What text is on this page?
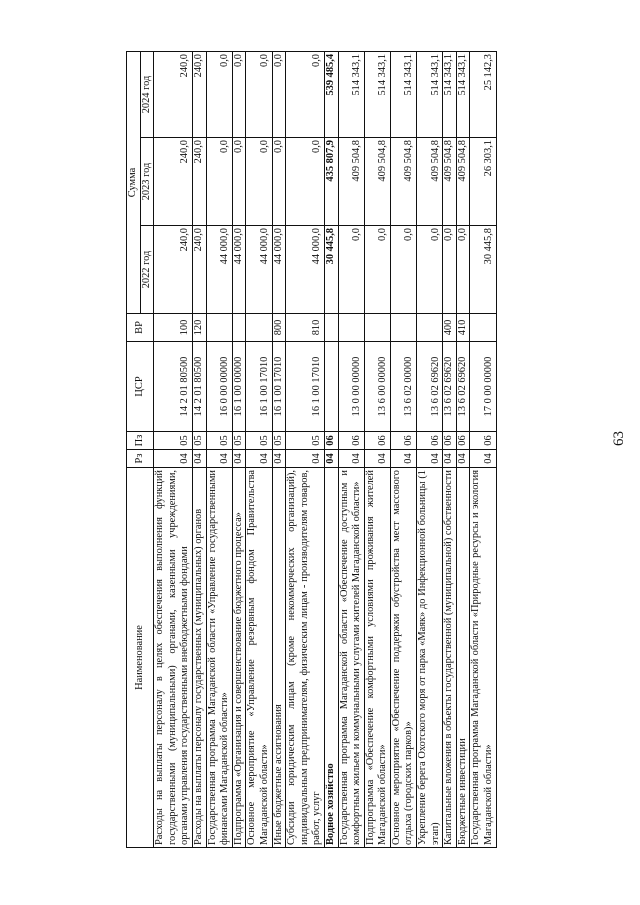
63
Наименование	Рз	Пз	ЦСР	ВР	Сумма		
					2022 год	2023 год	2024 год
Расходы на выплаты персоналу в целях обеспечения выполнения функций государственными (муниципальными) органами, казенными учреждениями, органами управления государственными внебюджетными фондами	04	05	14 2 01 80500	100	240,0	240,0	240,0
Расходы на выплаты персоналу государственных (муниципальных) органов	04	05	14 2 01 80500	120	240,0	240,0	240,0
Государственная программа Магаданской области «Управление государственными финансами Магаданской области»	04	05	16 0 00 00000		44 000,0	0,0	0,0
Подпрограмма «Организация и совершенствование бюджетного процесса»	04	05	16 1 00 00000		44 000,0	0,0	0,0
Основное мероприятие «Управление резервным фондом Правительства Магаданской области»	04	05	16 1 00 17010		44 000,0	0,0	0,0
Иные бюджетные ассигнования	04	05	16 1 00 17010	800	44 000,0	0,0	0,0
Субсидии юридическим лицам (кроме некоммерческих организаций), индивидуальным предпринимателям, физическим лицам - производителям товаров, работ, услуг	04	05	16 1 00 17010	810	44 000,0	0,0	0,0
Водное хозяйство	04	06			30 445,8	435 807,9	539 485,4
Государственная программа Магаданской области «Обеспечение доступным и комфортным жильем и коммунальными услугами жителей Магаданской области»	04	06	13 0 00 00000		0,0	409 504,8	514 343,1
Подпрограмма «Обеспечение комфортными условиями проживания жителей Магаданской области»	04	06	13 6 00 00000		0,0	409 504,8	514 343,1
Основное мероприятие «Обеспечение поддержки обустройства мест массового отдыха (городских парков)»	04	06	13 6 02 00000		0,0	409 504,8	514 343,1
Укрепление берега Охотского моря от парка «Маяк» до Инфекционной больницы (1 этап)	04	06	13 6 02 69620		0,0	409 504,8	514 343,1
Капитальные вложения в объекты государственной (муниципальной) собственности	04	06	13 6 02 69620	400	0,0	409 504,8	514 343,1
Бюджетные инвестиции	04	06	13 6 02 69620	410	0,0	409 504,8	514 343,1
Государственная программа Магаданской области «Природные ресурсы и экология Магаданской области»	04	06	17 0 00 00000		30 445,8	26 303,1	25 142,3
